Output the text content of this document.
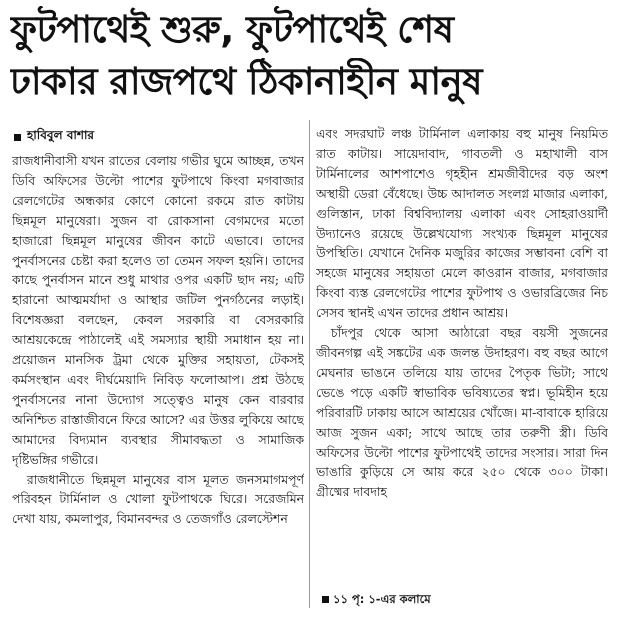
ফুটপাথেই শুরু, ফুটপাথেই শেষ
ঢাকার রাজপথে ঠিকানাহীন মানুষ
হাবিবুল বাশার

রাজধানীবাসী যখন রাতের বেলায় গভীর ঘুমে আচ্ছন্ন, তখন ডিবি অফিসের উল্টো পাশের ফুটপাথে কিংবা মগবাজার রেলগেটের অন্ধকার কোণে কোনো রকমে রাত কাটায় ছিন্নমূল মানুষেরা। সুজন বা রোকসানা বেগমদের মতো হাজারো ছিন্নমূল মানুষের জীবন কাটে এভাবে। তাদের পুনর্বাসনের চেষ্টা করা হলেও তা তেমন সফল হয়নি। তাদের কাছে পুনর্বাসন মানে শুধু মাথার ওপর একটি ছাদ নয়; এটি হারানো আত্মমর্যাদা ও আস্থার জটিল পুনর্গঠনের লড়াই। বিশেষজ্ঞরা বলছেন, কেবল সরকারি বা বেসরকারি আশ্রয়কেন্দ্রে পাঠালেই এই সমস্যার স্থায়ী সমাধান হয় না। প্রয়োজন মানসিক ট্রমা থেকে মুক্তির সহায়তা, টেকসই কর্মসংস্থান এবং দীর্ঘমেয়াদি নিবিড় ফলোআপ। প্রশ্ন উঠছে পুনর্বাসনের নানা উদ্যোগ সত্ত্বেও মানুষ কেন বারবার অনিশ্চিত রাস্তাজীবনে ফিরে আসে? এর উত্তর লুকিয়ে আছে আমাদের বিদ্যমান ব্যবস্থার সীমাবদ্ধতা ও সামাজিক দৃষ্টিভঙ্গির গভীরে।

রাজধানীতে ছিন্নমূল মানুষের বাস মূলত জনসমাগমপূর্ণ পরিবহন টার্মিনাল ও খোলা ফুটপাথকে ঘিরে। সরেজমিন দেখা যায়, কমলাপুর, বিমানবন্দর ও তেজগাঁও রেলস্টেশন

এবং সদরঘাট লঞ্চ টার্মিনাল এলাকায় বহু মানুষ নিয়মিত রাত কাটায়। সায়েদাবাদ, গাবতলী ও মহাখালী বাস টার্মিনালের আশপাশেও গৃহহীন শ্রমজীবীদের বড় অংশ অস্থায়ী ডেরা বেঁধেছে। উচ্চ আদালত সংলগ্ন মাজার এলাকা, গুলিস্তান, ঢাকা বিশ্ববিদ্যালয় এলাকা এবং সোহরাওয়ার্দী উদ্যানেও রয়েছে উল্লেখযোগ্য সংখ্যক ছিন্নমূল মানুষের উপস্থিতি। যেখানে দৈনিক মজুরির কাজের সম্ভাবনা বেশি বা সহজে মানুষের সহায়তা মেলে কাওরান বাজার, মগবাজার কিংবা ব্যস্ত রেলগেটের পাশের ফুটপাথ ও ওভারব্রিজের নিচ সেসব স্থানই এখন তাদের প্রধান আশ্রয়।

চাঁদপুর থেকে আসা আঠারো বছর বয়সী সুজনের জীবনগল্প এই সঙ্কটের এক জলন্ত উদাহরণ। বহু বছর আগে মেঘনার ভাঙনে তলিয়ে যায় তাদের পৈতৃক ভিটা; সাথে ভেঙে পড়ে একটি স্বাভাবিক ভবিষ্যতের স্বপ্ন। ভূমিহীন হয়ে পরিবারটি ঢাকায় আসে আশ্রয়ের খোঁজে। মা-বাবাকে হারিয়ে আজ সুজন একা; সাথে আছে তার তরুণী স্ত্রী। ডিবি অফিসের উল্টো পাশের ফুটপাথেই তাদের সংসার। সারা দিন ভাঙারি কুড়িয়ে সে আয় করে ২৫০ থেকে ৩০০ টাকা। গ্রীষ্মের দাবদাহ

১১ পৃ: ১-এর কলামে
